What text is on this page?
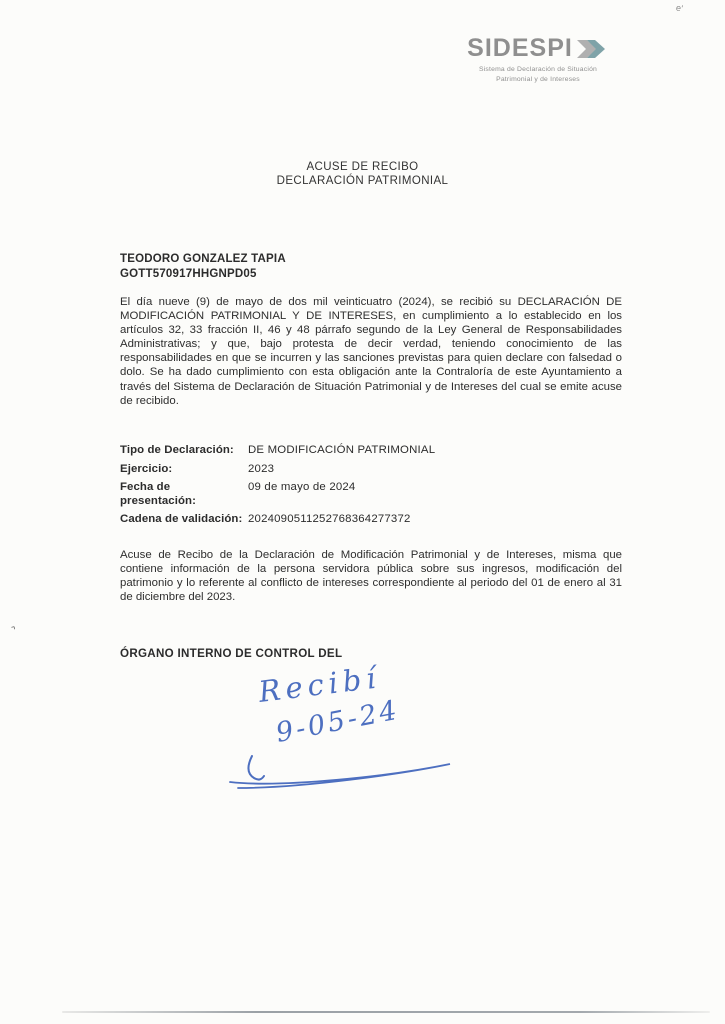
SIDESPI
Sistema de Declaración de Situación
Patrimonial y de Intereses
ACUSE DE RECIBO
DECLARACIÓN PATRIMONIAL
TEODORO GONZALEZ TAPIA
GOTT570917HHGNPD05
El día nueve (9) de mayo de dos mil veinticuatro (2024), se recibió su DECLARACIÓN DE MODIFICACIÓN PATRIMONIAL Y DE INTERESES, en cumplimiento a lo establecido en los artículos 32, 33 fracción II, 46 y 48 párrafo segundo de la Ley General de Responsabilidades Administrativas; y que, bajo protesta de decir verdad, teniendo conocimiento de las responsabilidades en que se incurren y las sanciones previstas para quien declare con falsedad o dolo. Se ha dado cumplimiento con esta obligación ante la Contraloría de este Ayuntamiento a través del Sistema de Declaración de Situación Patrimonial y de Intereses del cual se emite acuse de recibido.
Tipo de Declaración:	DE MODIFICACIÓN PATRIMONIAL
Ejercicio:	2023
Fecha de presentación:
09 de mayo de 2024
Cadena de validación: 2024090511252768364277372
Acuse de Recibo de la Declaración de Modificación Patrimonial y de Intereses, misma que contiene información de la persona servidora pública sobre sus ingresos, modificación del patrimonio y lo referente al conflicto de intereses correspondiente al periodo del 01 de enero al 31 de diciembre del 2023.
ÓRGANO INTERNO DE CONTROL DEL
Recibí
9-05-24
e'
›
